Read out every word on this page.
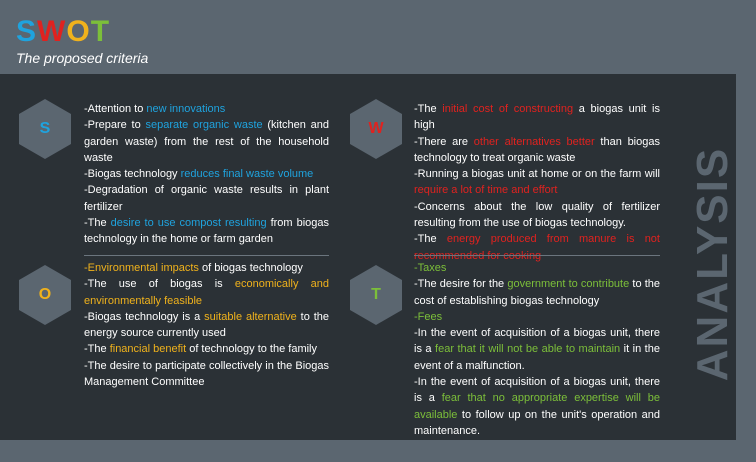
SWOT
The proposed criteria
ANALYSIS
S
-Attention to new innovations
-Prepare to separate organic waste (kitchen and garden waste) from the rest of the household waste
-Biogas technology reduces final waste volume
-Degradation of organic waste results in plant fertilizer
-The desire to use compost resulting from biogas technology in the home or farm garden
W
-The initial cost of constructing a biogas unit is high
-There are other alternatives better than biogas technology to treat organic waste
-Running a biogas unit at home or on the farm will require a lot of time and effort
-Concerns about the low quality of fertilizer resulting from the use of biogas technology.
-The energy produced from manure is not
O
-Environmental impacts of biogas technology
-The use of biogas is economically and environmentally feasible
-Biogas technology is a suitable alternative to the energy source currently used
-The financial benefit of technology to the family
-The desire to participate collectively in the Biogas Management Committee
T
-Taxes
-The desire for the government to contribute to the cost of establishing biogas technology
-Fees
-In the event of acquisition of a biogas unit, there is a fear that it will not be able to maintain it in the event of a malfunction.
-In the event of acquisition of a biogas unit, there is a fear that no appropriate expertise will be available to follow up on the unit's operation and maintenance.
